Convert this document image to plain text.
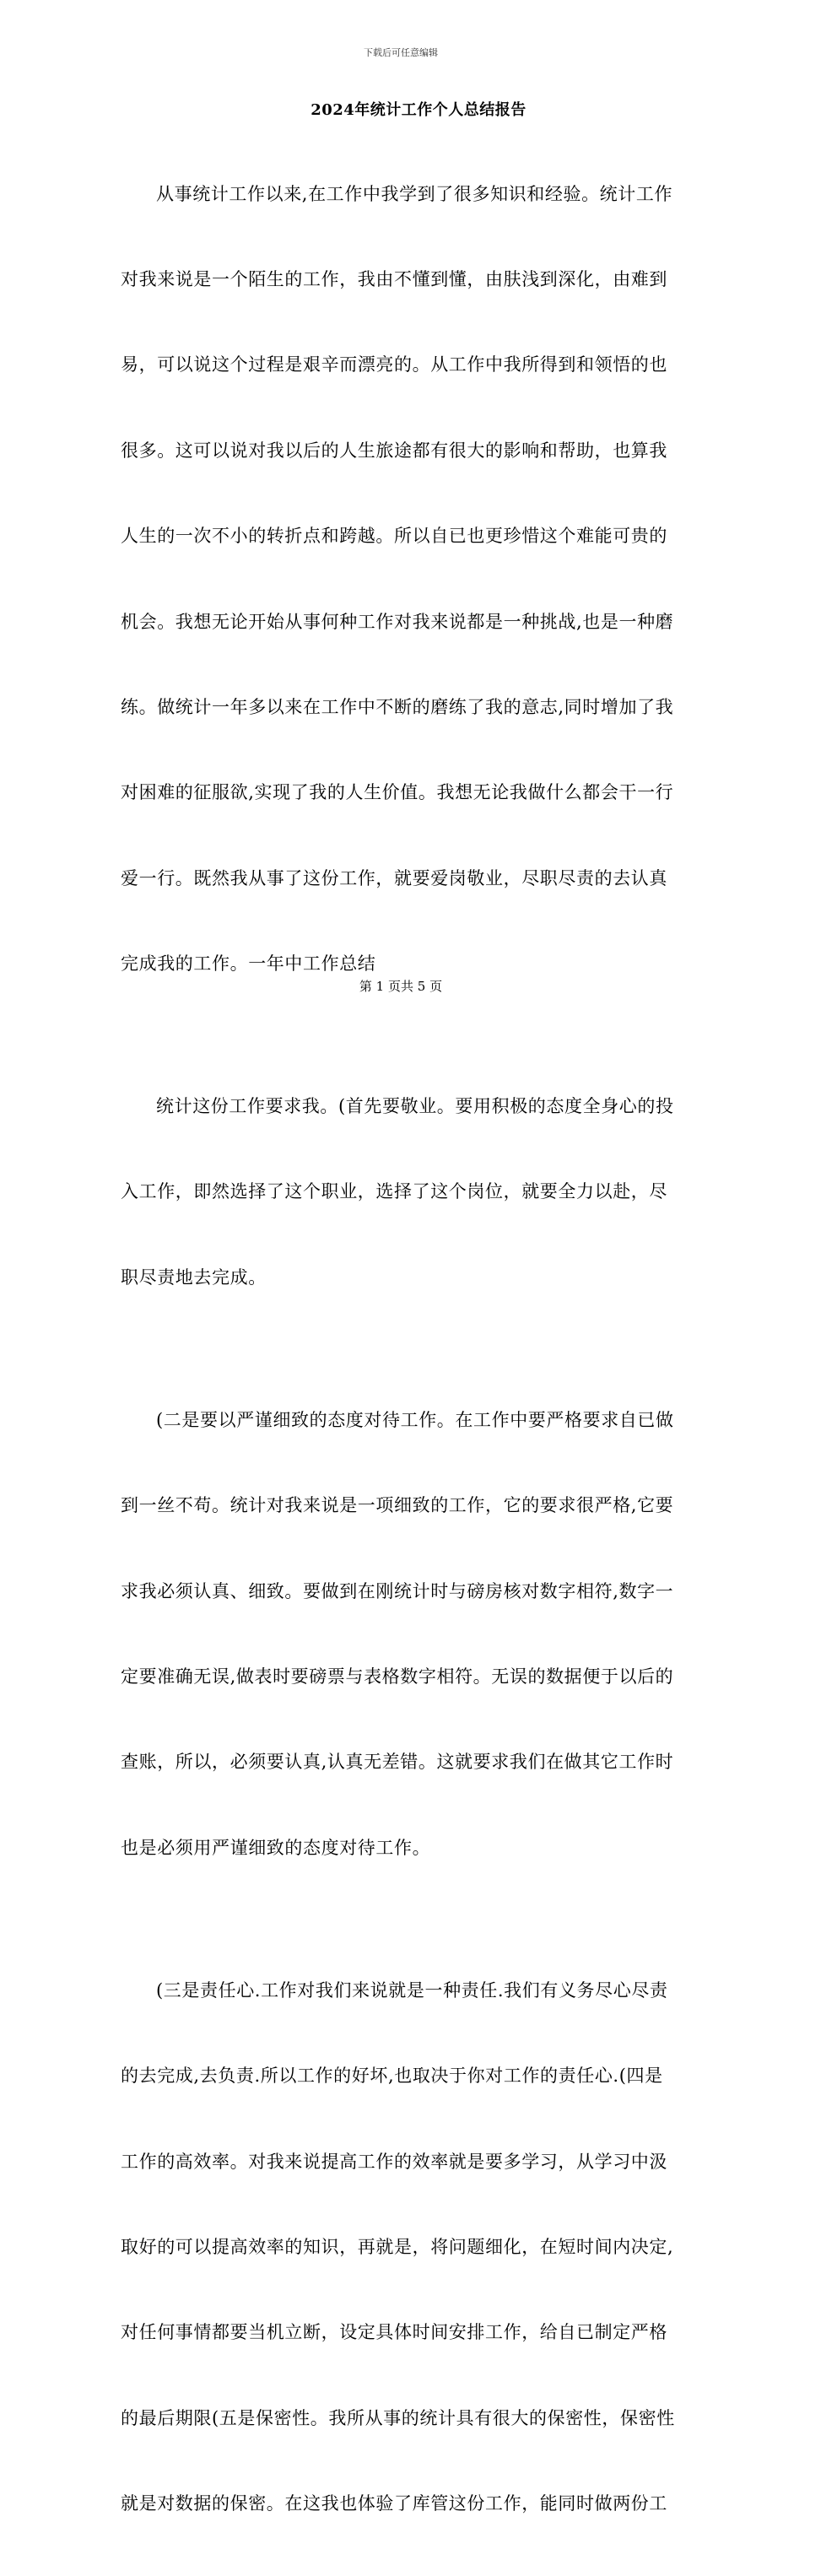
下载后可任意编辑
2024年统计工作个人总结报告

从事统计工作以来,在工作中我学到了很多知识和经验。统计工作

对我来说是一个陌生的工作，我由不懂到懂，由肤浅到深化，由难到

易，可以说这个过程是艰辛而漂亮的。从工作中我所得到和领悟的也

很多。这可以说对我以后的人生旅途都有很大的影响和帮助，也算我

人生的一次不小的转折点和跨越。所以自已也更珍惜这个难能可贵的

机会。我想无论开始从事何种工作对我来说都是一种挑战,也是一种磨

练。做统计一年多以来在工作中不断的磨练了我的意志,同时增加了我

对困难的征服欲,实现了我的人生价值。我想无论我做什么都会干一行

爱一行。既然我从事了这份工作，就要爱岗敬业，尽职尽责的去认真

完成我的工作。一年中工作总结

统计这份工作要求我。(首先要敬业。要用积极的态度全身心的投

入工作，即然选择了这个职业，选择了这个岗位，就要全力以赴，尽

职尽责地去完成。

(二是要以严谨细致的态度对待工作。在工作中要严格要求自已做

到一丝不苟。统计对我来说是一项细致的工作，它的要求很严格,它要

求我必须认真、细致。要做到在刚统计时与磅房核对数字相符,数字一

定要准确无误,做表时要磅票与表格数字相符。无误的数据便于以后的

查账，所以，必须要认真,认真无差错。这就要求我们在做其它工作时

也是必须用严谨细致的态度对待工作。

(三是责任心.工作对我们来说就是一种责任.我们有义务尽心尽责

的去完成,去负责.所以工作的好坏,也取决于你对工作的责任心.(四是

工作的高效率。对我来说提高工作的效率就是要多学习，从学习中汲

取好的可以提高效率的知识，再就是，将问题细化，在短时间内决定,

对任何事情都要当机立断，设定具体时间安排工作，给自已制定严格

的最后期限(五是保密性。我所从事的统计具有很大的保密性，保密性

就是对数据的保密。在这我也体验了库管这份工作，能同时做两份工

第 1 页共 5 页
